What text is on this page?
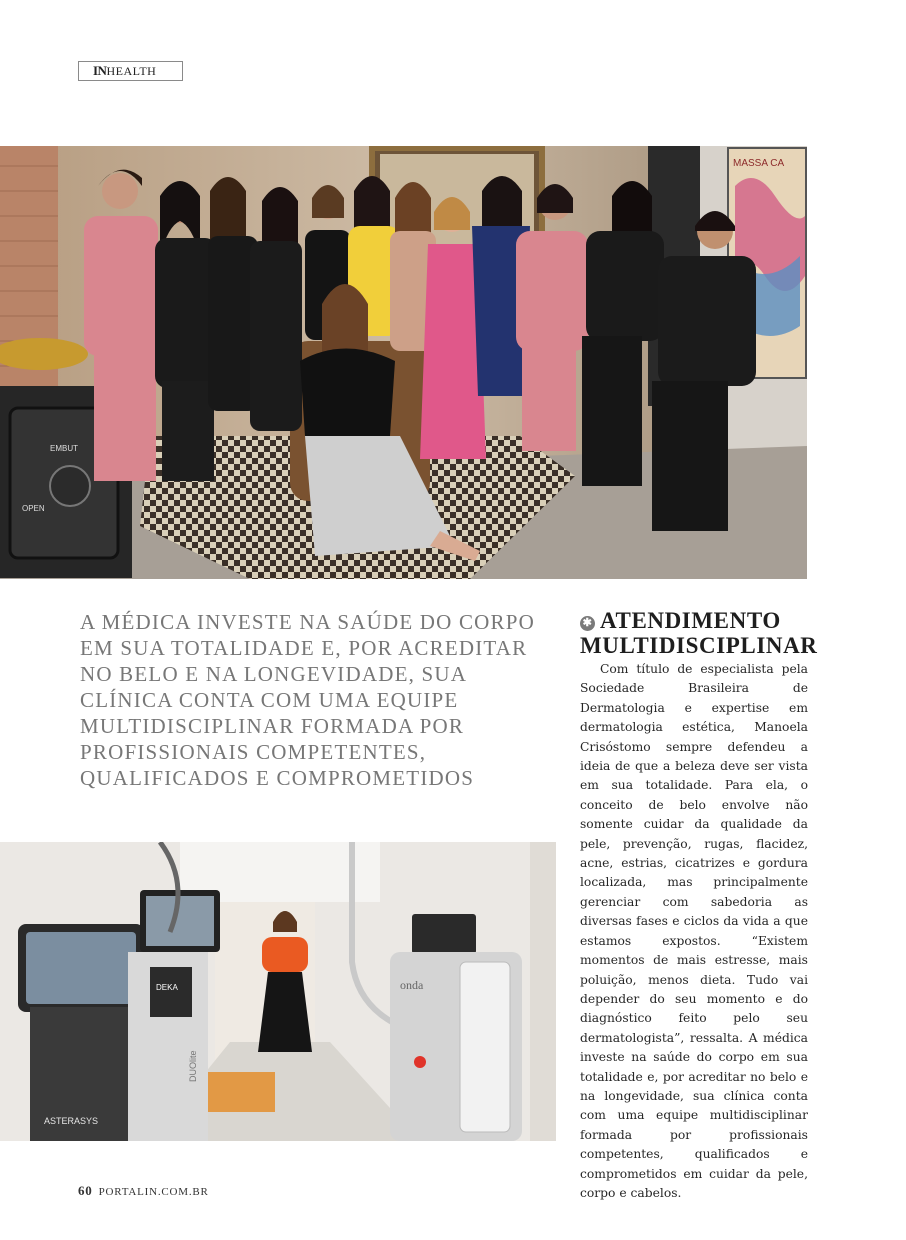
INHEALTH
MASSA CA
EMBUT
OPEN

A MÉDICA INVESTE NA SAÚDE DO CORPO EM SUA TOTALIDADE E, POR ACREDITAR NO BELO E NA LONGEVIDADE, SUA CLÍNICA CONTA COM UMA EQUIPE MULTIDISCIPLINAR FORMADA POR PROFISSIONAIS COMPETENTES, QUALIFICADOS E COMPROMETIDOS

✱ ATENDIMENTO
MULTIDISCIPLINAR

Com título de especialista pela Sociedade Brasileira de Dermatologia e expertise em dermatologia estética, Manoela Crisóstomo sempre defendeu a ideia de que a beleza deve ser vista em sua totalidade. Para ela, o conceito de belo envolve não somente cuidar da qualidade da pele, prevenção, rugas, flacidez, acne, estrias, cicatrizes e gordura localizada, mas principalmente gerenciar com sabedoria as diversas fases e ciclos da vida a que estamos expostos. “Existem momentos de mais estresse, mais poluição, menos dieta. Tudo vai depender do seu momento e do diagnóstico feito pelo seu dermatologista”, ressalta. A médica investe na saúde do corpo em sua totalidade e, por acreditar no belo e na longevidade, sua clínica conta com uma equipe multidisciplinar formada por profissionais competentes, qualificados e comprometidos em cuidar da pele, corpo e cabelos.

ASTERASYS
DEKA
DUOlite
onda
60 PORTALIN.COM.BR
